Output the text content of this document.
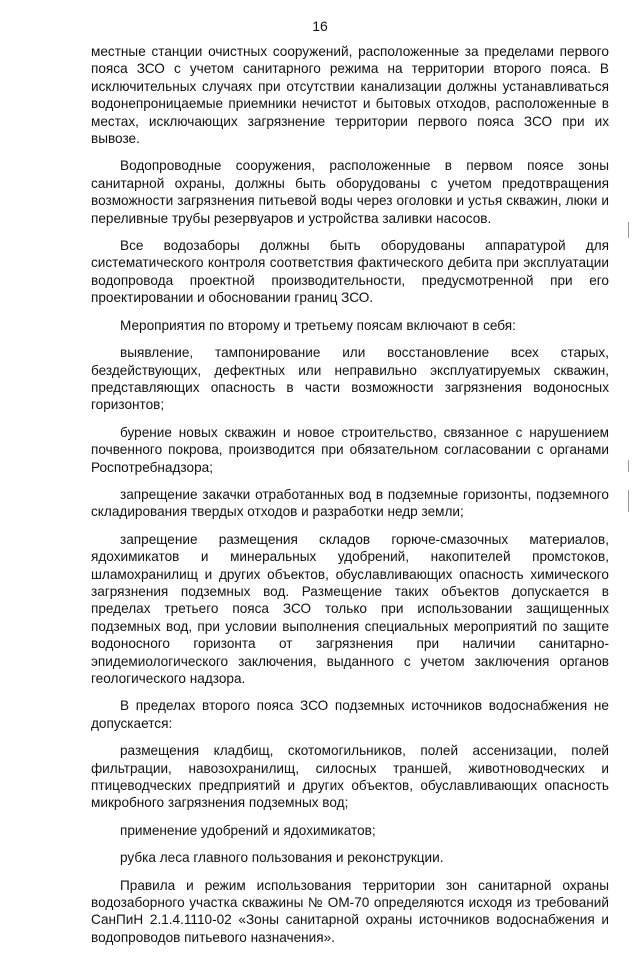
16

местные станции очистных сооружений, расположенные за пределами первого пояса ЗСО с учетом санитарного режима на территории второго пояса. В исключительных случаях при отсутствии канализации должны устанавливаться водонепроницаемые приемники нечистот и бытовых отходов, расположенные в местах, исключающих загрязнение территории первого пояса ЗСО при их вывозе.

Водопроводные сооружения, расположенные в первом поясе зоны санитарной охраны, должны быть оборудованы с учетом предотвращения возможности загрязнения питьевой воды через оголовки и устья скважин, люки и переливные трубы резервуаров и устройства заливки насосов.

Все водозаборы должны быть оборудованы аппаратурой для систематического контроля соответствия фактического дебита при эксплуатации водопровода проектной производительности, предусмотренной при его проектировании и обосновании границ ЗСО.

Мероприятия по второму и третьему поясам включают в себя:

выявление, тампонирование или восстановление всех старых, бездействующих, дефектных или неправильно эксплуатируемых скважин, представляющих опасность в части возможности загрязнения водоносных горизонтов;

бурение новых скважин и новое строительство, связанное с нарушением почвенного покрова, производится при обязательном согласовании с органами Роспотребнадзора;

запрещение закачки отработанных вод в подземные горизонты, подземного складирования твердых отходов и разработки недр земли;

запрещение размещения складов горюче-смазочных материалов, ядохимикатов и минеральных удобрений, накопителей промстоков, шламохранилищ и других объектов, обуславливающих опасность химического загрязнения подземных вод. Размещение таких объектов допускается в пределах третьего пояса ЗСО только при использовании защищенных подземных вод, при условии выполнения специальных мероприятий по защите водоносного горизонта от загрязнения при наличии санитарно-эпидемиологического заключения, выданного с учетом заключения органов геологического надзора.

В пределах второго пояса ЗСО подземных источников водоснабжения не допускается:

размещения кладбищ, скотомогильников, полей ассенизации, полей фильтрации, навозохранилищ, силосных траншей, животноводческих и птицеводческих предприятий и других объектов, обуславливающих опасность микробного загрязнения подземных вод;

применение удобрений и ядохимикатов;

рубка леса главного пользования и реконструкции.

Правила и режим использования территории зон санитарной охраны водозаборного участка скважины № ОМ-70 определяются исходя из требований СанПиН 2.1.4.1110-02 «Зоны санитарной охраны источников водоснабжения и водопроводов питьевого назначения».
